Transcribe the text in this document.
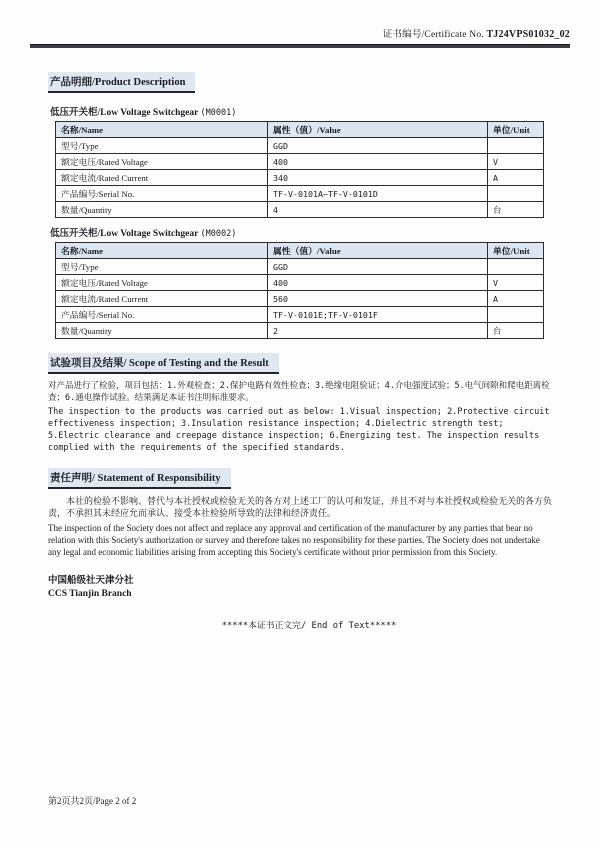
证书编号/Certificate No. TJ24VPS01032_02
产品明细/Product Description
低压开关柜/Low Voltage Switchgear (M0001)
名称/Name	属性（值）/Value	单位/Unit
型号/Type	GGD	
额定电压/Rated Voltage	400	V
额定电流/Rated Current	340	A
产品编号/Serial No.	TF-V-0101A~TF-V-0101D	
数量/Quantity	4	台
低压开关柜/Low Voltage Switchgear (M0002)
名称/Name	属性（值）/Value	单位/Unit
型号/Type	GGD	
额定电压/Rated Voltage	400	V
额定电流/Rated Current	560	A
产品编号/Serial No.	TF-V-0101E;TF-V-0101F	
数量/Quantity	2	台
试验项目及结果/ Scope of Testing and the Result

对产品进行了检验，项目包括：1.外观检查；2.保护电路有效性检查；3.绝缘电阻验证；4.介电强度试验；5.电气间隙和爬电距离检查；6.通电操作试验。结果满足本证书注明标准要求。

The inspection to the products was carried out as below: 1.Visual inspection; 2.Protective circuit effectiveness inspection; 3.Insulation resistance inspection; 4.Dielectric strength test; 5.Electric clearance and creepage distance inspection; 6.Energizing test. The inspection results complied with the requirements of the specified standards.

责任声明/ Statement of Responsibility

本社的检验不影响、替代与本社授权或检验无关的各方对上述工厂的认可和发证，并且不对与本社授权或检验无关的各方负责，不承担其未经应允而承认、接受本社检验所导致的法律和经济责任。

The inspection of the Society does not affect and replace any approval and certification of the manufacturer by any parties that bear no relation with this Society's authorization or survey and therefore takes no responsibility for these parties. The Society does not undertake any legal and economic liabilities arising from accepting this Society's certificate without prior permission from this Society.

中国船级社天津分社
CCS Tianjin Branch
*****本证书正文完/ End of Text*****
第2页共2页/Page 2 of 2
